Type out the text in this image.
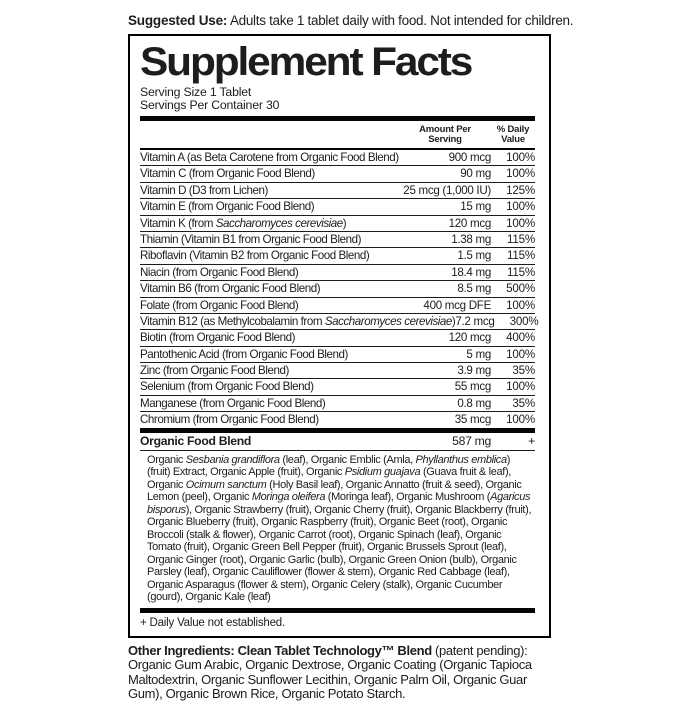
Suggested Use: Adults take 1 tablet daily with food. Not intended for children.

Supplement Facts
Serving Size 1 Tablet
Servings Per Container 30
Amount Per Serving
% Daily Value
Vitamin A (as Beta Carotene from Organic Food Blend)	900 mcg	100%
Vitamin C (from Organic Food Blend)	90 mg	100%
Vitamin D (D3 from Lichen)	25 mcg (1,000 IU)	125%
Vitamin E (from Organic Food Blend)	15 mg	100%
Vitamin K (from Saccharomyces cerevisiae)	120 mcg	100%
Thiamin (Vitamin B1 from Organic Food Blend)	1.38 mg	115%
Riboflavin (Vitamin B2 from Organic Food Blend)	1.5 mg	115%
Niacin (from Organic Food Blend)	18.4 mg	115%
Vitamin B6 (from Organic Food Blend)	8.5 mg	500%
Folate (from Organic Food Blend)	400 mcg DFE	100%
Vitamin B12 (as Methylcobalamin from Saccharomyces cerevisiae) 7.2 mcg	300%
Biotin (from Organic Food Blend)	120 mcg	400%
Pantothenic Acid (from Organic Food Blend)	5 mg	100%
Zinc (from Organic Food Blend)	3.9 mg	35%
Selenium (from Organic Food Blend)	55 mcg	100%
Manganese (from Organic Food Blend)	0.8 mg	35%
Chromium (from Organic Food Blend)	35 mcg	100%
Organic Food Blend	587 mg	+
Organic Sesbania grandiflora (leaf), Organic Emblic (Amla, Phyllanthus emblica) (fruit) Extract, Organic Apple (fruit), Organic Psidium guajava (Guava fruit & leaf), Organic Ocimum sanctum (Holy Basil leaf), Organic Annatto (fruit & seed), Organic Lemon (peel), Organic Moringa oleifera (Moringa leaf), Organic Mushroom (Agaricus bisporus), Organic Strawberry (fruit), Organic Cherry (fruit), Organic Blackberry (fruit), Organic Blueberry (fruit), Organic Raspberry (fruit), Organic Beet (root), Organic Broccoli (stalk & flower), Organic Carrot (root), Organic Spinach (leaf), Organic Tomato (fruit), Organic Green Bell Pepper (fruit), Organic Brussels Sprout (leaf), Organic Ginger (root), Organic Garlic (bulb), Organic Green Onion (bulb), Organic Parsley (leaf), Organic Cauliflower (flower & stem), Organic Red Cabbage (leaf), Organic Asparagus (flower & stem), Organic Celery (stalk), Organic Cucumber (gourd), Organic Kale (leaf)
+ Daily Value not established.

Other Ingredients: Clean Tablet Technology™ Blend (patent pending): Organic Gum Arabic, Organic Dextrose, Organic Coating (Organic Tapioca Maltodextrin, Organic Sunflower Lecithin, Organic Palm Oil, Organic Guar Gum), Organic Brown Rice, Organic Potato Starch.
